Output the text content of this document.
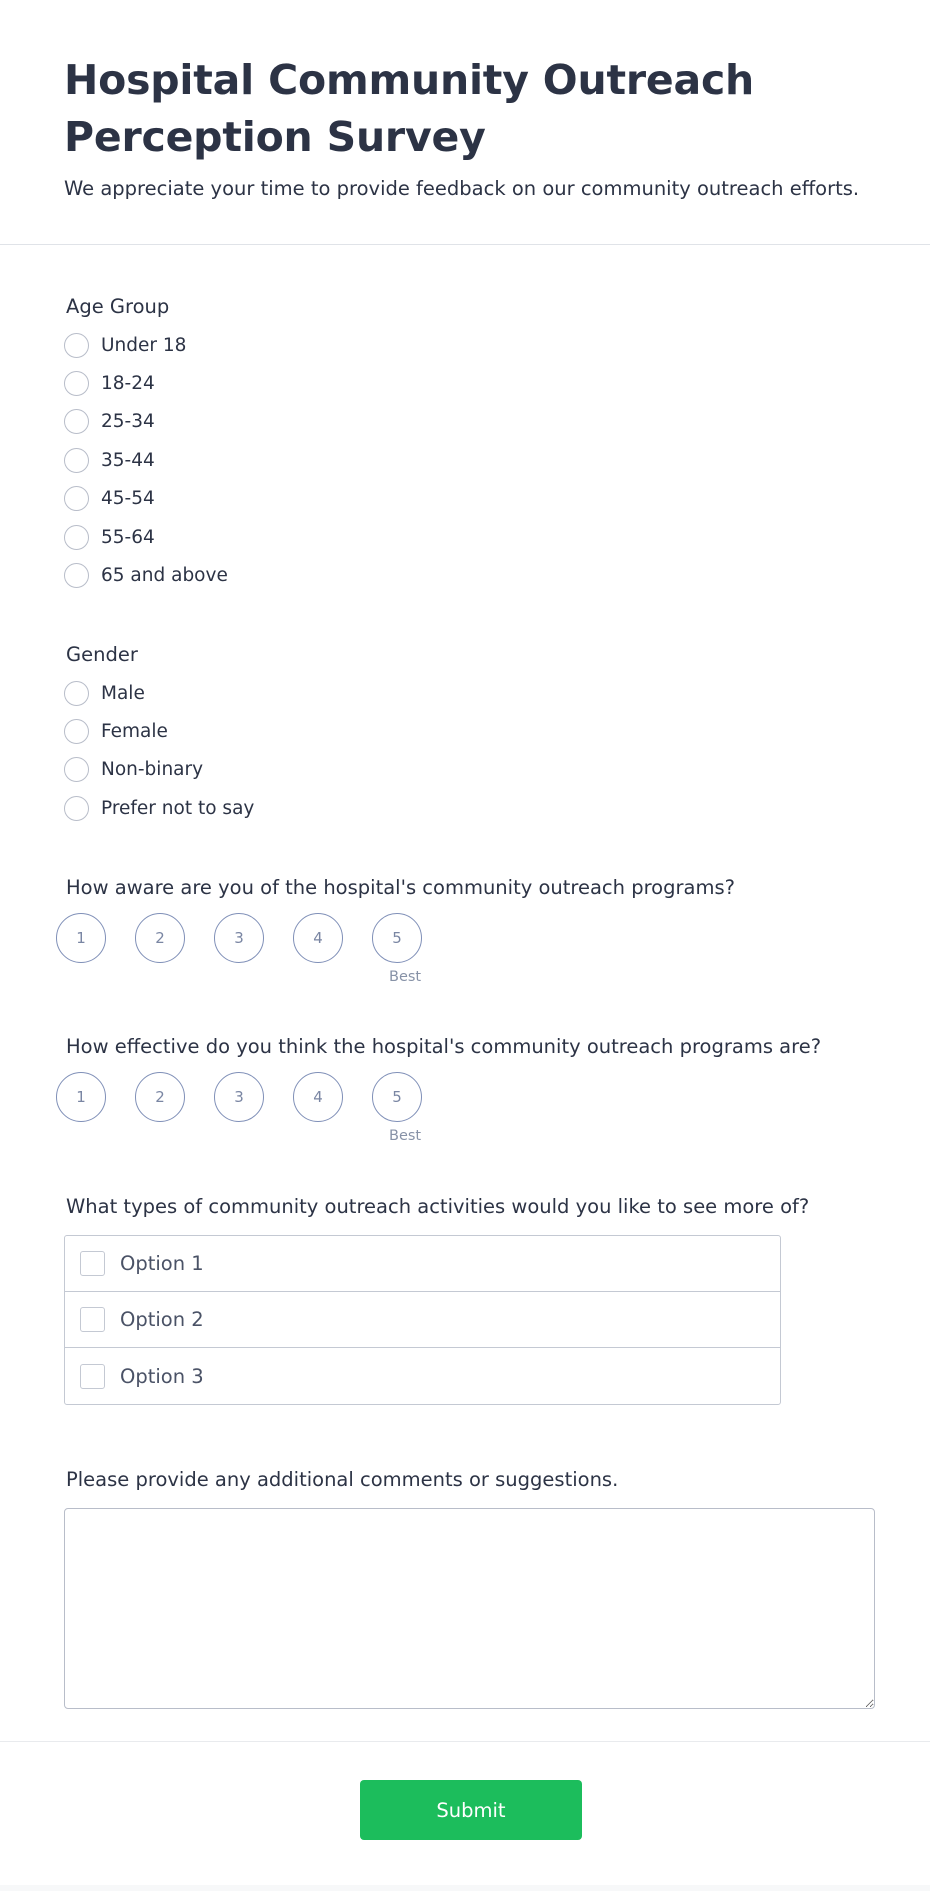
Hospital Community Outreach Perception Survey

We appreciate your time to provide feedback on our community outreach efforts.

Age Group
Under 18
18-24
25-34
35-44
45-54
55-64
65 and above
Gender
Male
Female
Non-binary
Prefer not to say
How aware are you of the hospital's community outreach programs?
1	2	3	4	5
Best
How effective do you think the hospital's community outreach programs are?
1	2	3	4	5
Best
What types of community outreach activities would you like to see more of?
Option 1
Option 2
Option 3
Please provide any additional comments or suggestions.
Submit
